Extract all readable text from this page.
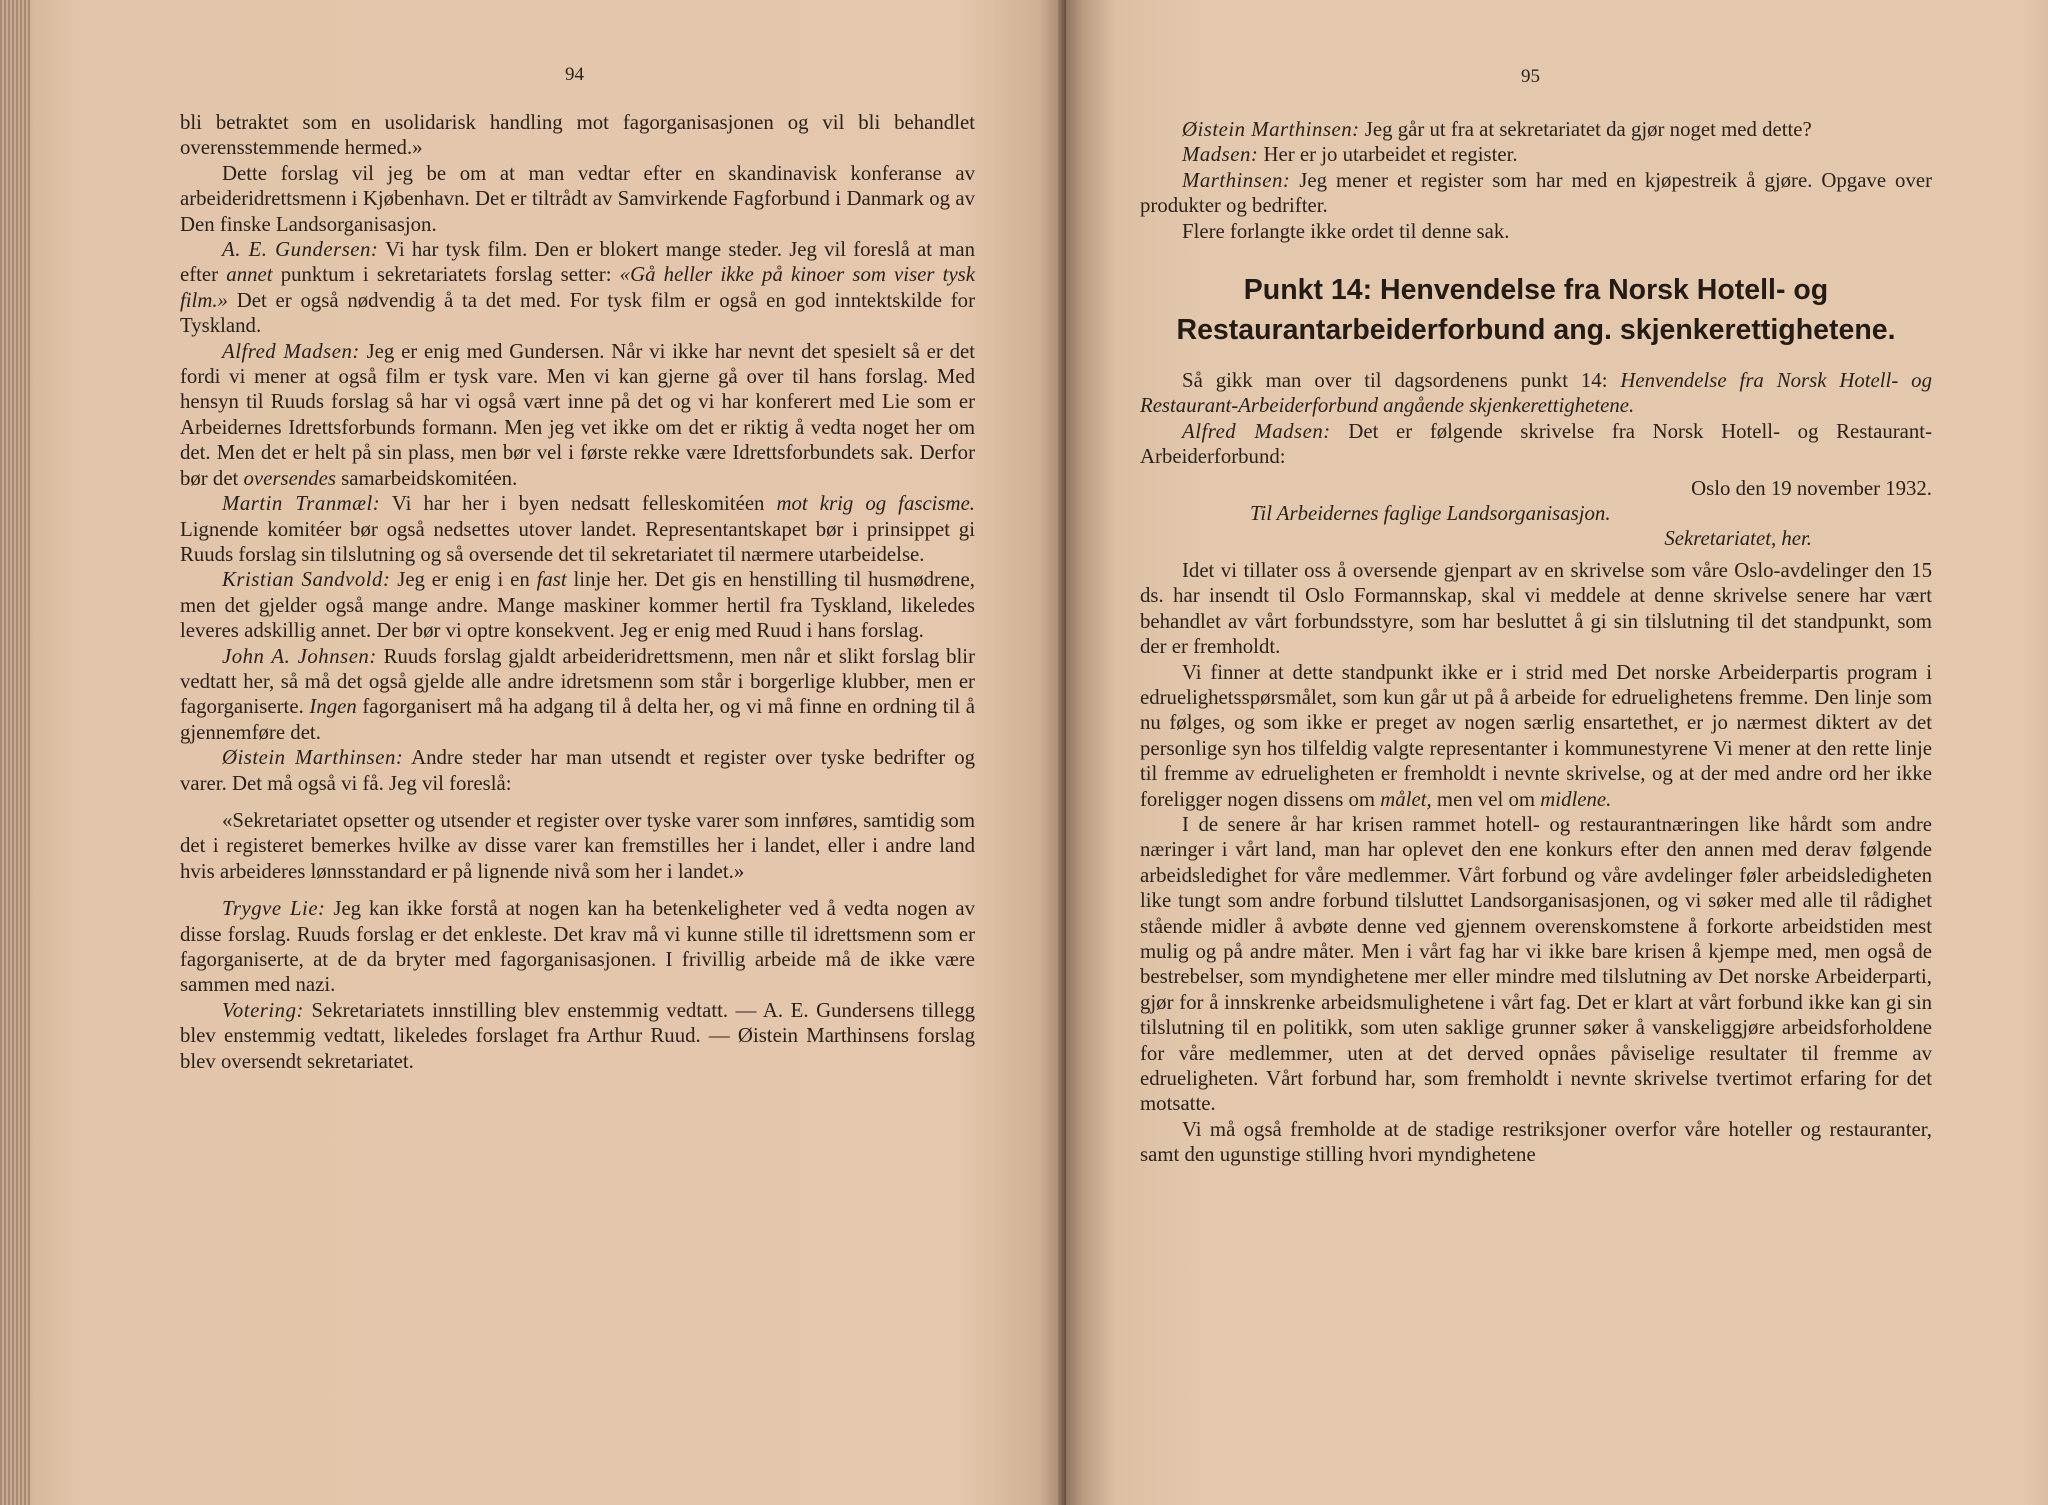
94

bli betraktet som en usolidarisk handling mot fagorganisasjonen og vil bli behandlet overensstemmende hermed.»

Dette forslag vil jeg be om at man vedtar efter en skandinavisk konferanse av arbeideridrettsmenn i Kjøbenhavn. Det er tiltrådt av Samvirkende Fagforbund i Danmark og av Den finske Landsorganisasjon.

A. E. Gundersen: Vi har tysk film. Den er blokert mange steder. Jeg vil foreslå at man efter annet punktum i sekretariatets forslag setter: «Gå heller ikke på kinoer som viser tysk film.» Det er også nødvendig å ta det med. For tysk film er også en god inntektskilde for Tyskland.

Alfred Madsen: Jeg er enig med Gundersen. Når vi ikke har nevnt det spesielt så er det fordi vi mener at også film er tysk vare. Men vi kan gjerne gå over til hans forslag. Med hensyn til Ruuds forslag så har vi også vært inne på det og vi har konferert med Lie som er Arbeidernes Idrettsforbunds formann. Men jeg vet ikke om det er riktig å vedta noget her om det. Men det er helt på sin plass, men bør vel i første rekke være Idrettsforbundets sak. Derfor bør det oversendes samarbeidskomitéen.

Martin Tranmæl: Vi har her i byen nedsatt felleskomitéen mot krig og fascisme. Lignende komitéer bør også nedsettes utover landet. Representantskapet bør i prinsippet gi Ruuds forslag sin tilslutning og så oversende det til sekretariatet til nærmere utarbeidelse.

Kristian Sandvold: Jeg er enig i en fast linje her. Det gis en henstilling til husmødrene, men det gjelder også mange andre. Mange maskiner kommer hertil fra Tyskland, likeledes leveres adskillig annet. Der bør vi optre konsekvent. Jeg er enig med Ruud i hans forslag.

John A. Johnsen: Ruuds forslag gjaldt arbeideridrettsmenn, men når et slikt forslag blir vedtatt her, så må det også gjelde alle andre idretsmenn som står i borgerlige klubber, men er fagorganiserte. Ingen fagorganisert må ha adgang til å delta her, og vi må finne en ordning til å gjennemføre det.

Øistein Marthinsen: Andre steder har man utsendt et register over tyske bedrifter og varer. Det må også vi få. Jeg vil foreslå:

«Sekretariatet opsetter og utsender et register over tyske varer som innføres, samtidig som det i registeret bemerkes hvilke av disse varer kan fremstilles her i landet, eller i andre land hvis arbeideres lønnsstandard er på lignende nivå som her i landet.»

Trygve Lie: Jeg kan ikke forstå at nogen kan ha betenkeligheter ved å vedta nogen av disse forslag. Ruuds forslag er det enkleste. Det krav må vi kunne stille til idrettsmenn som er fagorganiserte, at de da bryter med fagorganisasjonen. I frivillig arbeide må de ikke være sammen med nazi.

Votering: Sekretariatets innstilling blev enstemmig vedtatt. — A. E. Gundersens tillegg blev enstemmig vedtatt, likeledes forslaget fra Arthur Ruud. — Øistein Marthinsens forslag blev oversendt sekretariatet.

95

Øistein Marthinsen: Jeg går ut fra at sekretariatet da gjør noget med dette?

Madsen: Her er jo utarbeidet et register.

Marthinsen: Jeg mener et register som har med en kjøpestreik å gjøre. Opgave over produkter og bedrifter.

Flere forlangte ikke ordet til denne sak.

Punkt 14: Henvendelse fra Norsk Hotell- og
Restaurantarbeiderforbund ang. skjenkerettighetene.

Så gikk man over til dagsordenens punkt 14: Henvendelse fra Norsk Hotell- og Restaurant-Arbeiderforbund angående skjenkerettighetene.

Alfred Madsen: Det er følgende skrivelse fra Norsk Hotell- og Restaurant-Arbeiderforbund:

Oslo den 19 november 1932.

Til Arbeidernes faglige Landsorganisasjon.

Sekretariatet, her.

Idet vi tillater oss å oversende gjenpart av en skrivelse som våre Oslo-avdelinger den 15 ds. har insendt til Oslo Formannskap, skal vi meddele at denne skrivelse senere har vært behandlet av vårt forbundsstyre, som har besluttet å gi sin tilslutning til det standpunkt, som der er fremholdt.

Vi finner at dette standpunkt ikke er i strid med Det norske Arbeiderpartis program i edruelighetsspørsmålet, som kun går ut på å arbeide for edruelighetens fremme. Den linje som nu følges, og som ikke er preget av nogen særlig ensartethet, er jo nærmest diktert av det personlige syn hos tilfeldig valgte representanter i kommunestyrene Vi mener at den rette linje til fremme av edrueligheten er fremholdt i nevnte skrivelse, og at der med andre ord her ikke foreligger nogen dissens om målet, men vel om midlene.

I de senere år har krisen rammet hotell- og restaurantnæringen like hårdt som andre næringer i vårt land, man har oplevet den ene konkurs efter den annen med derav følgende arbeidsledighet for våre medlemmer. Vårt forbund og våre avdelinger føler arbeidsledigheten like tungt som andre forbund tilsluttet Landsorganisasjonen, og vi søker med alle til rådighet stående midler å avbøte denne ved gjennem overenskomstene å forkorte arbeidstiden mest mulig og på andre måter. Men i vårt fag har vi ikke bare krisen å kjempe med, men også de bestrebelser, som myndighetene mer eller mindre med tilslutning av Det norske Arbeiderparti, gjør for å innskrenke arbeidsmulighetene i vårt fag. Det er klart at vårt forbund ikke kan gi sin tilslutning til en politikk, som uten saklige grunner søker å vanskeliggjøre arbeidsforholdene for våre medlemmer, uten at det derved opnåes påviselige resultater til fremme av edrueligheten. Vårt forbund har, som fremholdt i nevnte skrivelse tvertimot erfaring for det motsatte.

Vi må også fremholde at de stadige restriksjoner overfor våre hoteller og restauranter, samt den ugunstige stilling hvori myndighetene
